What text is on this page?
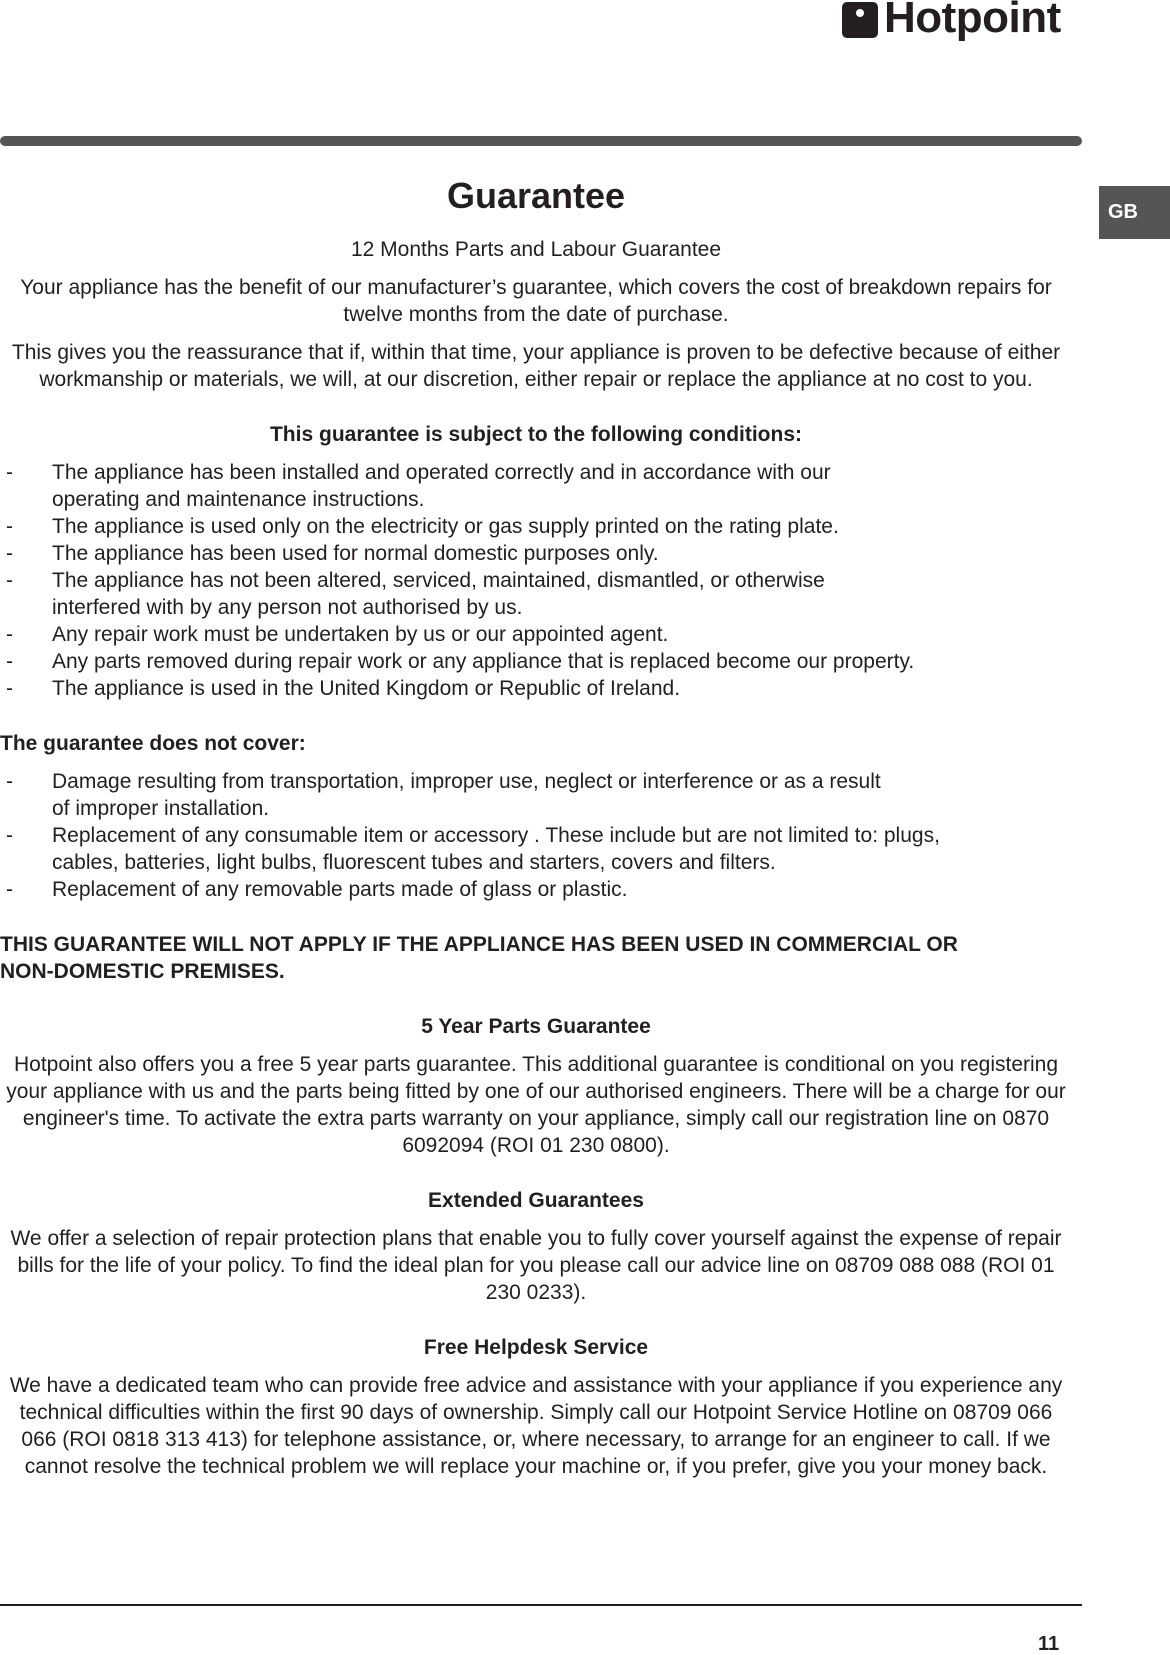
Hotpoint
GB
Guarantee

12 Months Parts and Labour Guarantee

Your appliance has the benefit of our manufacturer’s guarantee, which covers the cost of breakdown repairs for twelve months from the date of purchase.

This gives you the reassurance that if, within that time, your appliance is proven to be defective because of either workmanship or materials, we will, at our discretion, either repair or replace the appliance at no cost to you.

This guarantee is subject to the following conditions:

- The appliance has been installed and operated correctly and in accordance with our
operating and maintenance instructions.
- The appliance is used only on the electricity or gas supply printed on the rating plate.
- The appliance has been used for normal domestic purposes only.
- The appliance has not been altered, serviced, maintained, dismantled, or otherwise
interfered with by any person not authorised by us.
- Any repair work must be undertaken by us or our appointed agent.
- Any parts removed during repair work or any appliance that is replaced become our property.
- The appliance is used in the United Kingdom or Republic of Ireland.

The guarantee does not cover:

- Damage resulting from transportation, improper use, neglect or interference or as a result
of improper installation.
- Replacement of any consumable item or accessory . These include but are not limited to: plugs,
cables, batteries, light bulbs, fluorescent tubes and starters, covers and filters.
- Replacement of any removable parts made of glass or plastic.

THIS GUARANTEE WILL NOT APPLY IF THE APPLIANCE HAS BEEN USED IN COMMERCIAL OR
NON-DOMESTIC PREMISES.

5 Year Parts Guarantee

Hotpoint also offers you a free 5 year parts guarantee. This additional guarantee is conditional on you registering your appliance with us and the parts being fitted by one of our authorised engineers. There will be a charge for our engineer's time. To activate the extra parts warranty on your appliance, simply call our registration line on 0870 6092094 (ROI 01 230 0800).

Extended Guarantees

We offer a selection of repair protection plans that enable you to fully cover yourself against the expense of repair bills for the life of your policy. To find the ideal plan for you please call our advice line on 08709 088 088 (ROI 01 230 0233).

Free Helpdesk Service

We have a dedicated team who can provide free advice and assistance with your appliance if you experience any technical difficulties within the first 90 days of ownership. Simply call our Hotpoint Service Hotline on 08709 066 066 (ROI 0818 313 413) for telephone assistance, or, where necessary, to arrange for an engineer to call. If we cannot resolve the technical problem we will replace your machine or, if you prefer, give you your money back.

11
